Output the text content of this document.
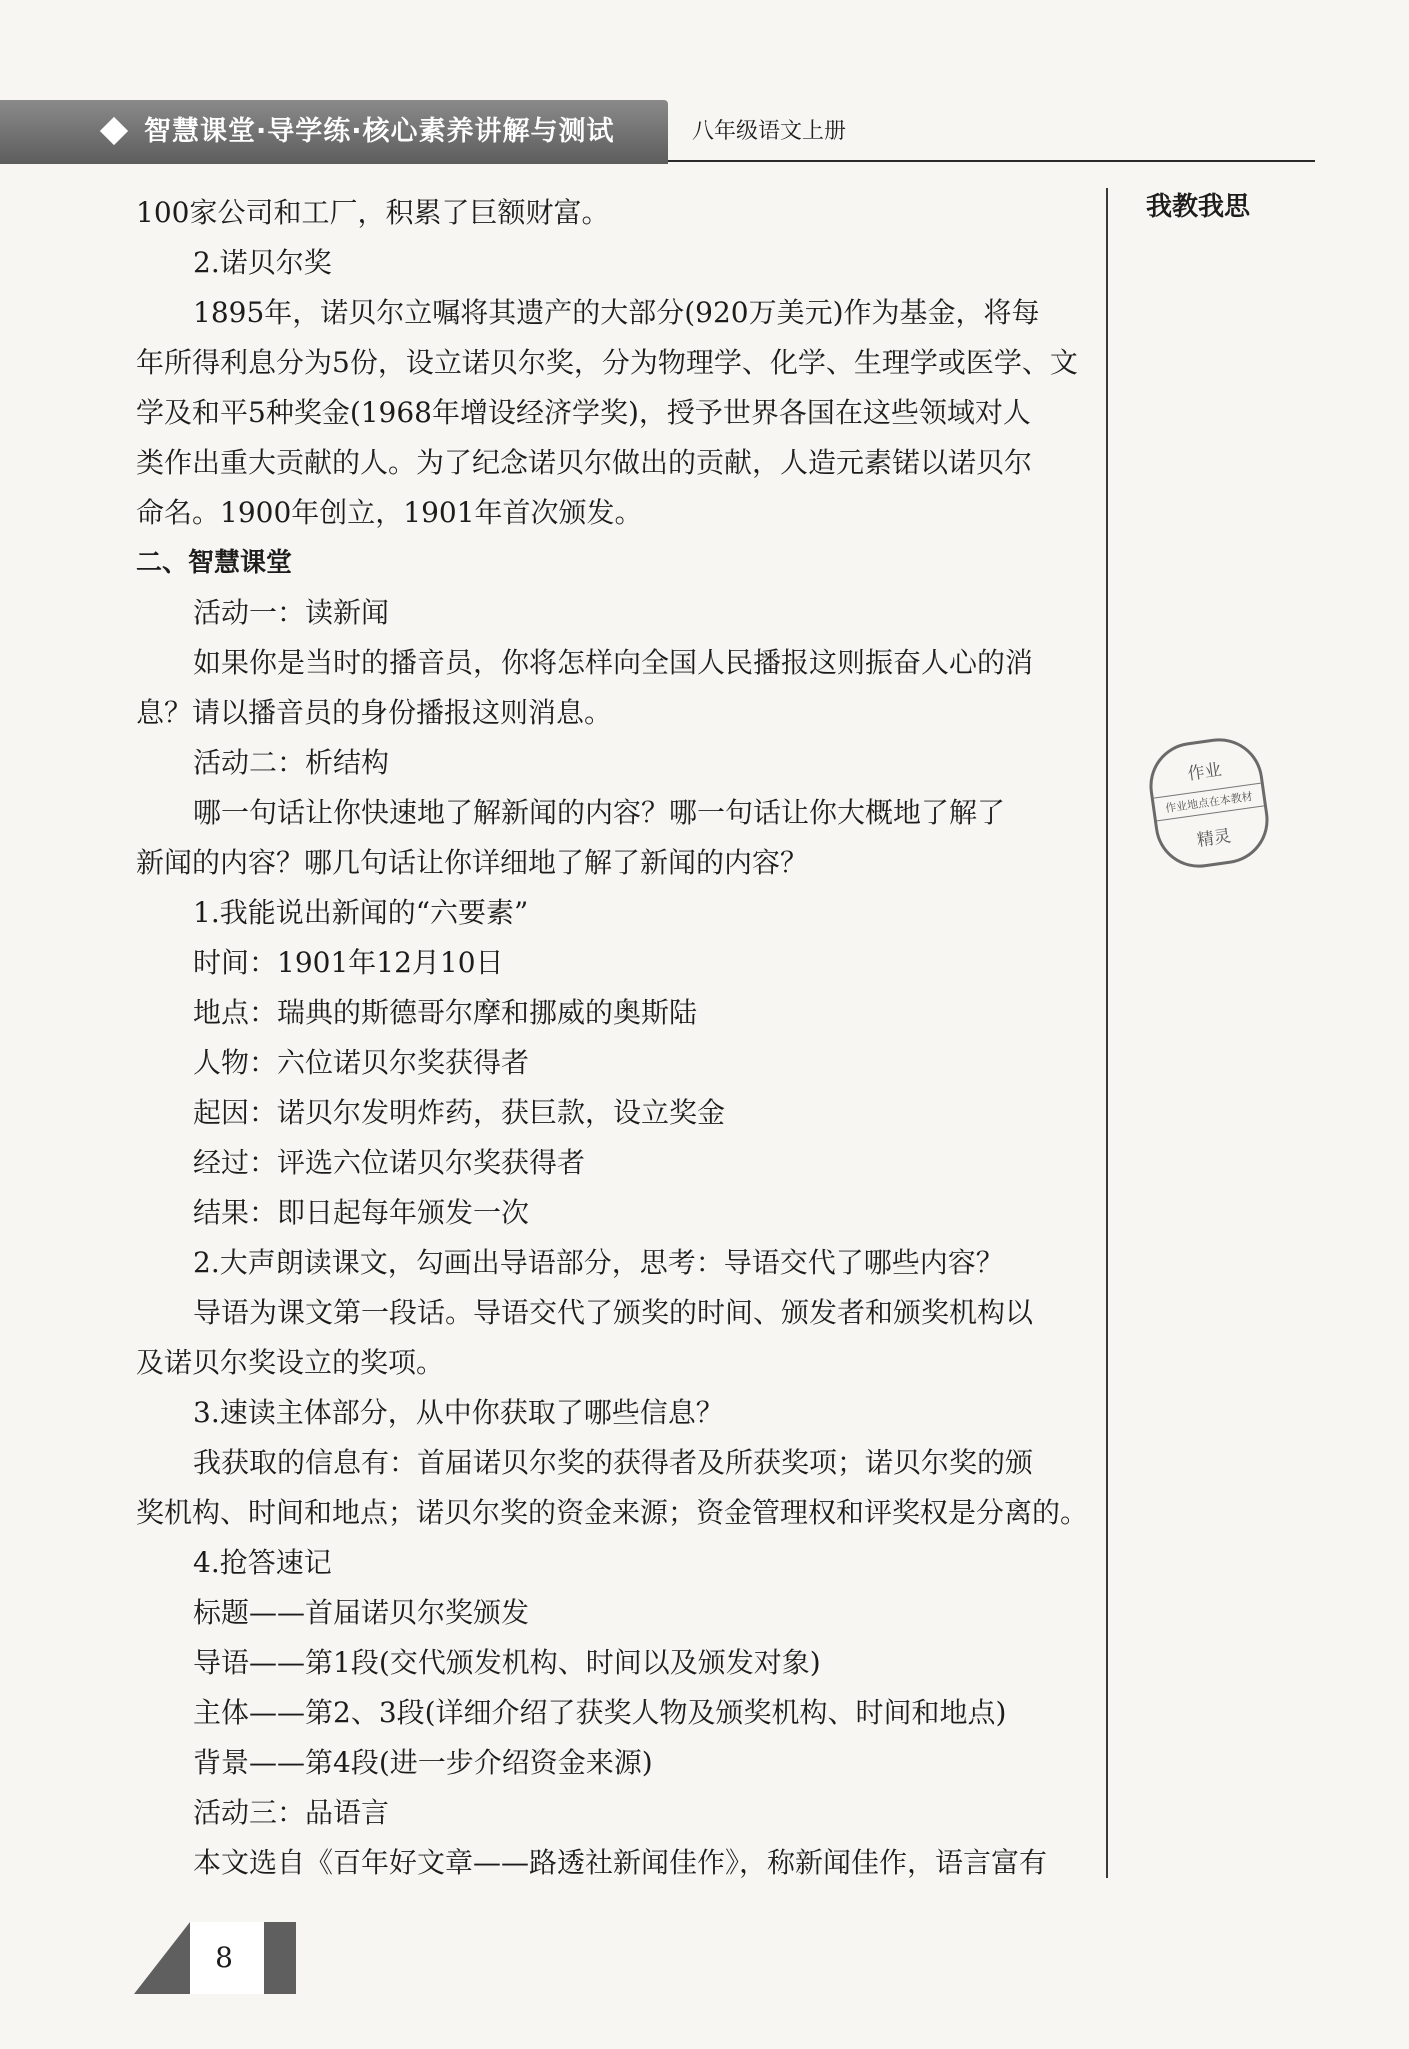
智慧课堂·导学练·核心素养讲解与测试	八年级语文上册
我教我思
作业
作业地点在本教材
精灵
100家公司和工厂，积累了巨额财富。
2.诺贝尔奖
1895年，诺贝尔立嘱将其遗产的大部分(920万美元)作为基金，将每
年所得利息分为5份，设立诺贝尔奖，分为物理学、化学、生理学或医学、文
学及和平5种奖金(1968年增设经济学奖)，授予世界各国在这些领域对人
类作出重大贡献的人。为了纪念诺贝尔做出的贡献，人造元素锘以诺贝尔
命名。1900年创立，1901年首次颁发。
二、智慧课堂
活动一：读新闻
如果你是当时的播音员，你将怎样向全国人民播报这则振奋人心的消
息？请以播音员的身份播报这则消息。
活动二：析结构
哪一句话让你快速地了解新闻的内容？哪一句话让你大概地了解了
新闻的内容？哪几句话让你详细地了解了新闻的内容？
1.我能说出新闻的“六要素”
时间：1901年12月10日
地点：瑞典的斯德哥尔摩和挪威的奥斯陆
人物：六位诺贝尔奖获得者
起因：诺贝尔发明炸药，获巨款，设立奖金
经过：评选六位诺贝尔奖获得者
结果：即日起每年颁发一次
2.大声朗读课文，勾画出导语部分，思考：导语交代了哪些内容？
导语为课文第一段话。导语交代了颁奖的时间、颁发者和颁奖机构以
及诺贝尔奖设立的奖项。
3.速读主体部分，从中你获取了哪些信息？
我获取的信息有：首届诺贝尔奖的获得者及所获奖项；诺贝尔奖的颁
奖机构、时间和地点；诺贝尔奖的资金来源；资金管理权和评奖权是分离的。
4.抢答速记
标题——首届诺贝尔奖颁发
导语——第1段(交代颁发机构、时间以及颁发对象)
主体——第2、3段(详细介绍了获奖人物及颁奖机构、时间和地点)
背景——第4段(进一步介绍资金来源)
活动三：品语言
本文选自《百年好文章——路透社新闻佳作》，称新闻佳作，语言富有
8
